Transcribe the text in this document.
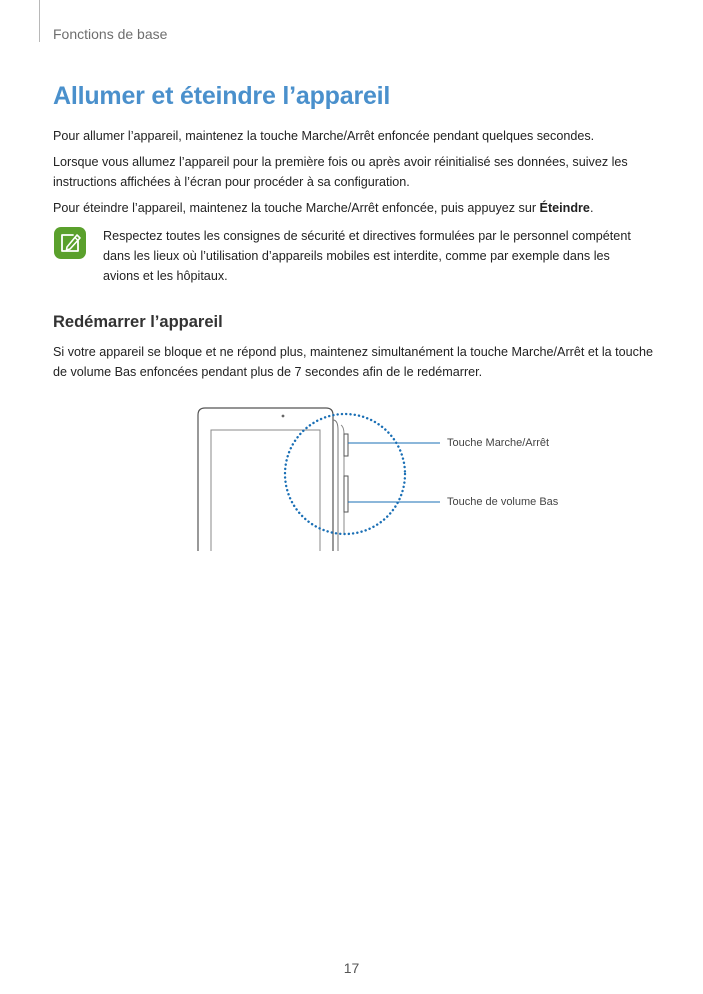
Fonctions de base
Allumer et éteindre l’appareil

Pour allumer l’appareil, maintenez la touche Marche/Arrêt enfoncée pendant quelques secondes.

Lorsque vous allumez l’appareil pour la première fois ou après avoir réinitialisé ses données, suivez les instructions affichées à l’écran pour procéder à sa configuration.

Pour éteindre l’appareil, maintenez la touche Marche/Arrêt enfoncée, puis appuyez sur Éteindre.

Respectez toutes les consignes de sécurité et directives formulées par le personnel compétent dans les lieux où l’utilisation d’appareils mobiles est interdite, comme par exemple dans les avions et les hôpitaux.

Redémarrer l’appareil

Si votre appareil se bloque et ne répond plus, maintenez simultanément la touche Marche/Arrêt et la touche de volume Bas enfoncées pendant plus de 7 secondes afin de le redémarrer.

Touche Marche/Arrêt
Touche de volume Bas
17
